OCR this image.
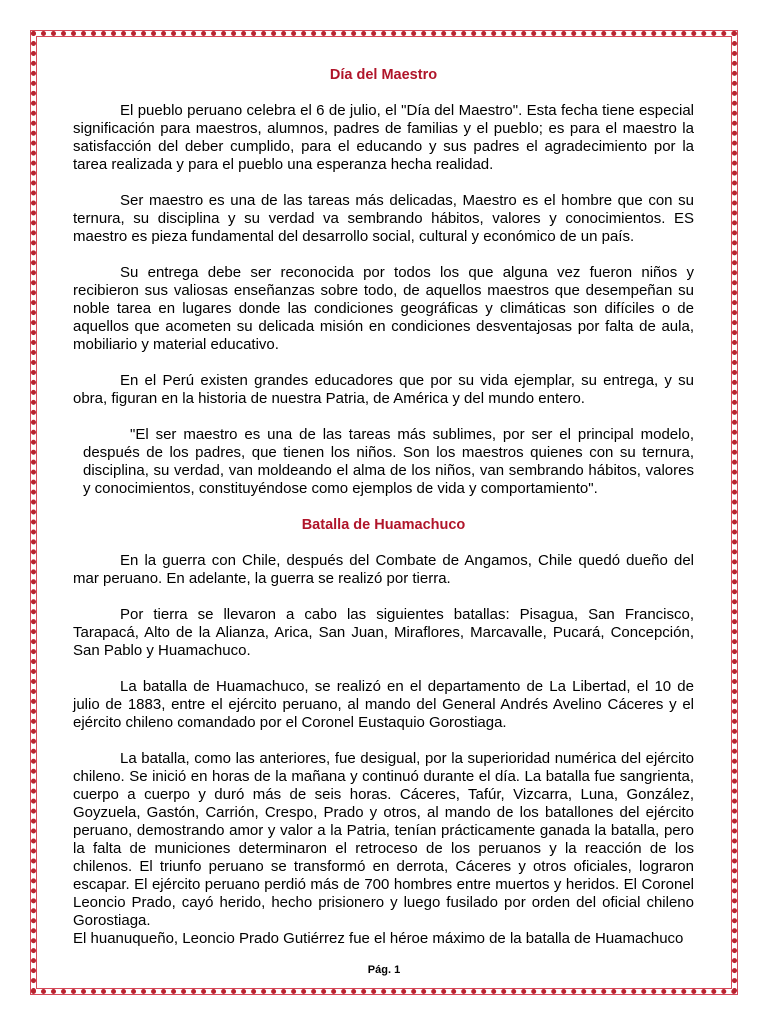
Día del Maestro

El pueblo peruano celebra el 6 de julio, el "Día del Maestro". Esta fecha tiene especial significación para maestros, alumnos, padres de familias y el pueblo; es para el maestro la satisfacción del deber cumplido, para el educando y sus padres el agradecimiento por la tarea realizada y para el pueblo una esperanza hecha realidad.

Ser maestro es una de las tareas más delicadas, Maestro es el hombre que con su ternura, su disciplina y su verdad va sembrando hábitos, valores y conocimientos. ES maestro es pieza fundamental del desarrollo social, cultural y económico de un país.

Su entrega debe ser reconocida por todos los que alguna vez fueron niños y recibieron sus valiosas enseñanzas sobre todo, de aquellos maestros que desempeñan su noble tarea en lugares donde las condiciones geográficas y climáticas son difíciles o de aquellos que acometen su delicada misión en condiciones desventajosas por falta de aula, mobiliario y material educativo.

En el Perú existen grandes educadores que por su vida ejemplar, su entrega, y su obra, figuran en la historia de nuestra Patria, de América y del mundo entero.

"El ser maestro es una de las tareas más sublimes, por ser el principal modelo, después de los padres, que tienen los niños. Son los maestros quienes con su ternura, disciplina, su verdad, van moldeando el alma de los niños, van sembrando hábitos, valores y conocimientos, constituyéndose como ejemplos de vida y comportamiento".

Batalla de Huamachuco

En la guerra con Chile, después del Combate de Angamos, Chile quedó dueño del mar peruano. En adelante, la guerra se realizó por tierra.

Por tierra se llevaron a cabo las siguientes batallas: Pisagua, San Francisco, Tarapacá, Alto de la Alianza, Arica, San Juan, Miraflores, Marcavalle, Pucará, Concepción, San Pablo y Huamachuco.

La batalla de Huamachuco, se realizó en el departamento de La Libertad, el 10 de julio de 1883, entre el ejército peruano, al mando del General Andrés Avelino Cáceres y el ejército chileno comandado por el Coronel Eustaquio Gorostiaga.

La batalla, como las anteriores, fue desigual, por la superioridad numérica del ejército chileno. Se inició en horas de la mañana y continuó durante el día. La batalla fue sangrienta, cuerpo a cuerpo y duró más de seis horas. Cáceres, Tafúr, Vizcarra, Luna, González, Goyzuela, Gastón, Carrión, Crespo, Prado y otros, al mando de los batallones del ejército peruano, demostrando amor y valor a la Patria, tenían prácticamente ganada la batalla, pero la falta de municiones determinaron el retroceso de los peruanos y la reacción de los chilenos. El triunfo peruano se transformó en derrota, Cáceres y otros oficiales, lograron escapar. El ejército peruano perdió más de 700 hombres entre muertos y heridos. El Coronel Leoncio Prado, cayó herido, hecho prisionero y luego fusilado por orden del oficial chileno Gorostiaga.

El huanuqueño, Leoncio Prado Gutiérrez fue el héroe máximo de la batalla de Huamachuco

Pág. 1
